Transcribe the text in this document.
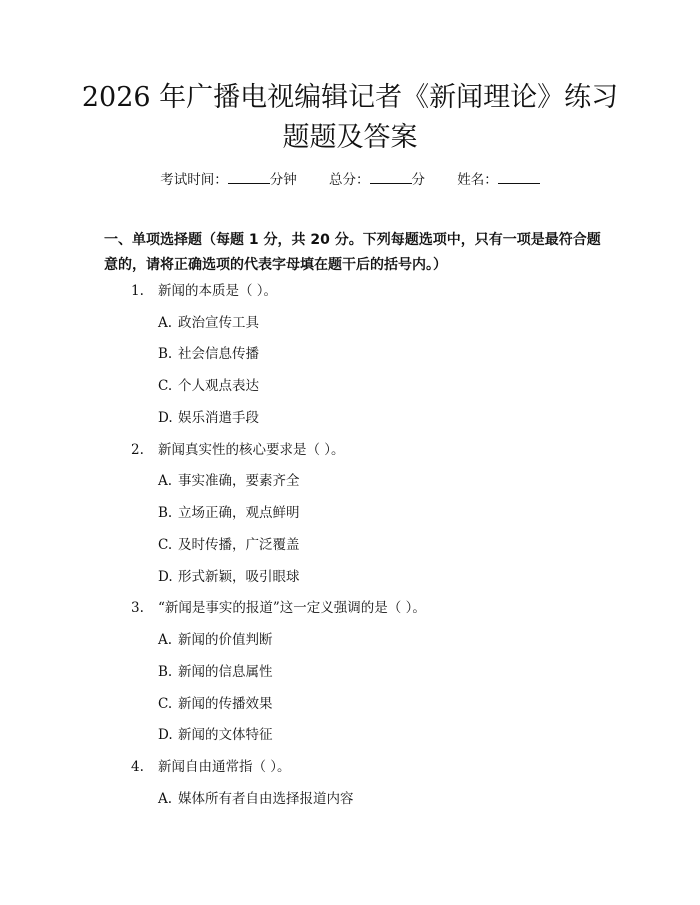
2026 年广播电视编辑记者《新闻理论》练习
题题及答案
考试时间：	分钟 总分：	分 姓名：

一、单项选择题（每题 1 分，共 20 分。下列每题选项中，只有一项是最符合题意的，请将正确选项的代表字母填在题干后的括号内。）

1. 新闻的本质是（ ）。
A. 政治宣传工具
B. 社会信息传播
C. 个人观点表达
D. 娱乐消遣手段
2. 新闻真实性的核心要求是（ ）。
A. 事实准确，要素齐全
B. 立场正确，观点鲜明
C. 及时传播，广泛覆盖
D. 形式新颖，吸引眼球
3. “新闻是事实的报道”这一定义强调的是（ ）。
A. 新闻的价值判断
B. 新闻的信息属性
C. 新闻的传播效果
D. 新闻的文体特征
4. 新闻自由通常指（ ）。
A. 媒体所有者自由选择报道内容
